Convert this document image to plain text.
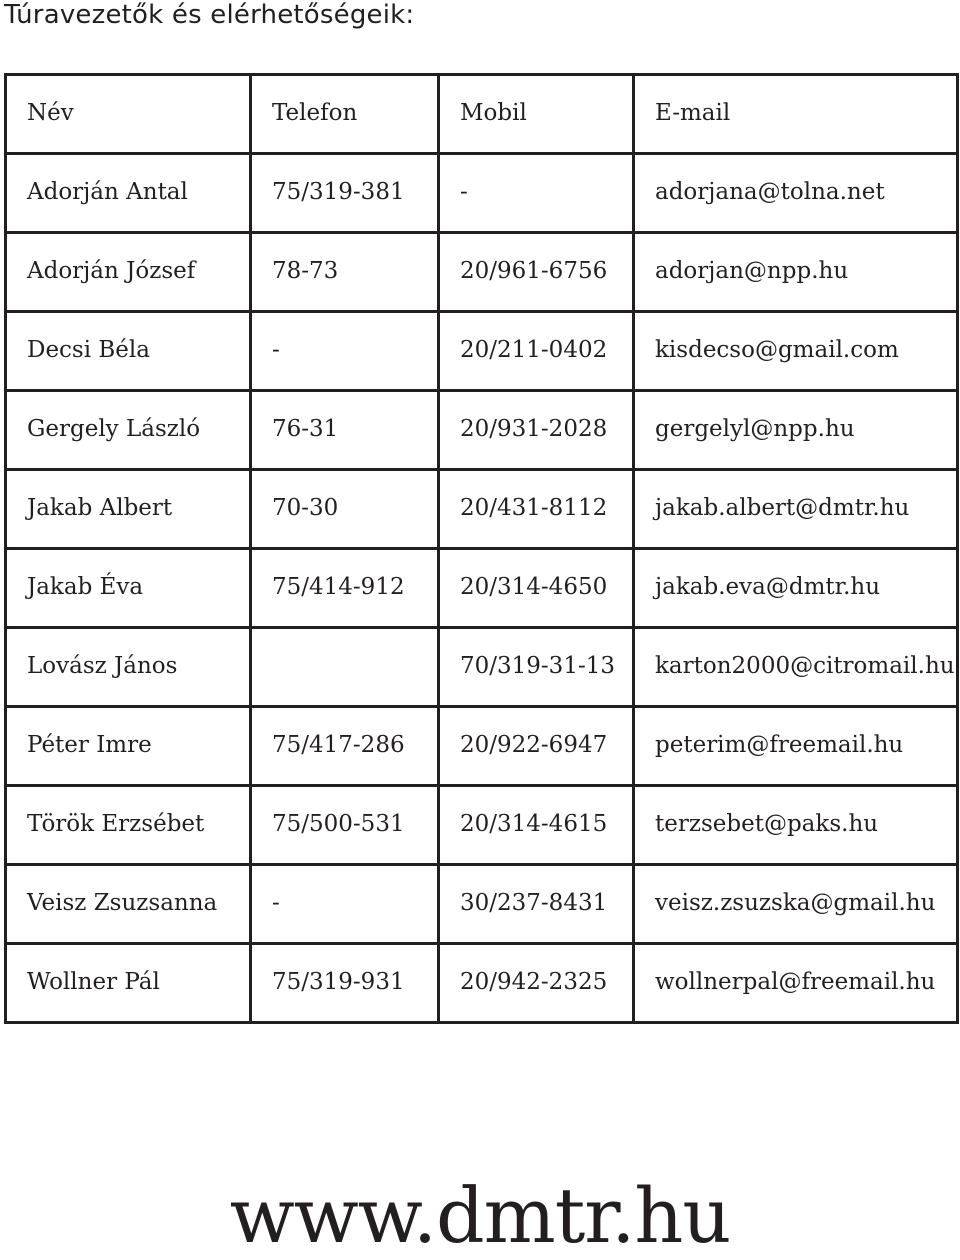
Túravezetők és elérhetőségeik:
Név	Telefon	Mobil	E-mail
Adorján Antal	75/319-381	-	adorjana@tolna.net
Adorján József	78-73	20/961-6756	adorjan@npp.hu
Decsi Béla	-	20/211-0402	kisdecso@gmail.com
Gergely László	76-31	20/931-2028	gergelyl@npp.hu
Jakab Albert	70-30	20/431-8112	jakab.albert@dmtr.hu
Jakab Éva	75/414-912	20/314-4650	jakab.eva@dmtr.hu
Lovász János		70/319-31-13	karton2000@citromail.hu
Péter Imre	75/417-286	20/922-6947	peterim@freemail.hu
Török Erzsébet	75/500-531	20/314-4615	terzsebet@paks.hu
Veisz Zsuzsanna	-	30/237-8431	veisz.zsuzska@gmail.hu
Wollner Pál	75/319-931	20/942-2325	wollnerpal@freemail.hu
www.dmtr.hu
